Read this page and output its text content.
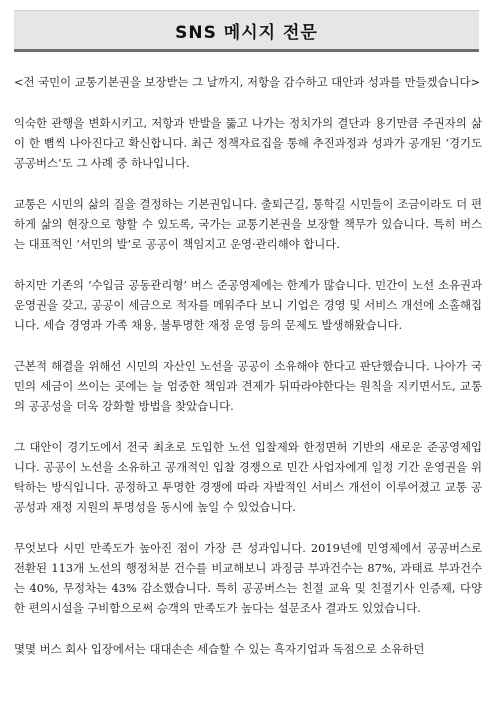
SNS 메시지 전문

<전 국민이 교통기본권을 보장받는 그 날까지, 저항을 감수하고 대안과 성과를 만들겠습니다>

익숙한 관행을 변화시키고, 저항과 반발을 뚫고 나가는 정치가의 결단과 용기만큼 주권자의 삶이 한 뼘씩 나아진다고 확신합니다. 최근 정책자료집을 통해 추진과정과 성과가 공개된 ‘경기도 공공버스’도 그 사례 중 하나입니다.

교통은 시민의 삶의 질을 결정하는 기본권입니다. 출퇴근길, 통학길 시민들이 조금이라도 더 편하게 삶의 현장으로 향할 수 있도록, 국가는 교통기본권을 보장할 책무가 있습니다. 특히 버스는 대표적인 ‘서민의 발’로 공공이 책임지고 운영·관리해야 합니다.

하지만 기존의 ‘수입금 공동관리형’ 버스 준공영제에는 한계가 많습니다. 민간이 노선 소유권과 운영권을 갖고, 공공이 세금으로 적자를 메워주다 보니 기업은 경영 및 서비스 개선에 소홀해집니다. 세습 경영과 가족 채용, 불투명한 재정 운영 등의 문제도 발생해왔습니다.

근본적 해결을 위해선 시민의 자산인 노선을 공공이 소유해야 한다고 판단했습니다. 나아가 국민의 세금이 쓰이는 곳에는 늘 엄중한 책임과 견제가 뒤따라야한다는 원칙을 지키면서도, 교통의 공공성을 더욱 강화할 방법을 찾았습니다.

그 대안이 경기도에서 전국 최초로 도입한 노선 입찰제와 한정면허 기반의 새로운 준공영제입니다. 공공이 노선을 소유하고 공개적인 입찰 경쟁으로 민간 사업자에게 일정 기간 운영권을 위탁하는 방식입니다. 공정하고 투명한 경쟁에 따라 자발적인 서비스 개선이 이루어졌고 교통 공공성과 재정 지원의 투명성을 동시에 높일 수 있었습니다.

무엇보다 시민 만족도가 높아진 점이 가장 큰 성과입니다. 2019년에 민영제에서 공공버스로 전환된 113개 노선의 행정처분 건수를 비교해보니 과징금 부과건수는 87%, 과태료 부과건수는 40%, 무정차는 43% 감소했습니다. 특히 공공버스는 친절 교육 및 친절기사 인증제, 다양한 편의시설을 구비함으로써 승객의 만족도가 높다는 설문조사 결과도 있었습니다.

몇몇 버스 회사 입장에서는 대대손손 세습할 수 있는 흑자기업과 독점으로 소유하던
